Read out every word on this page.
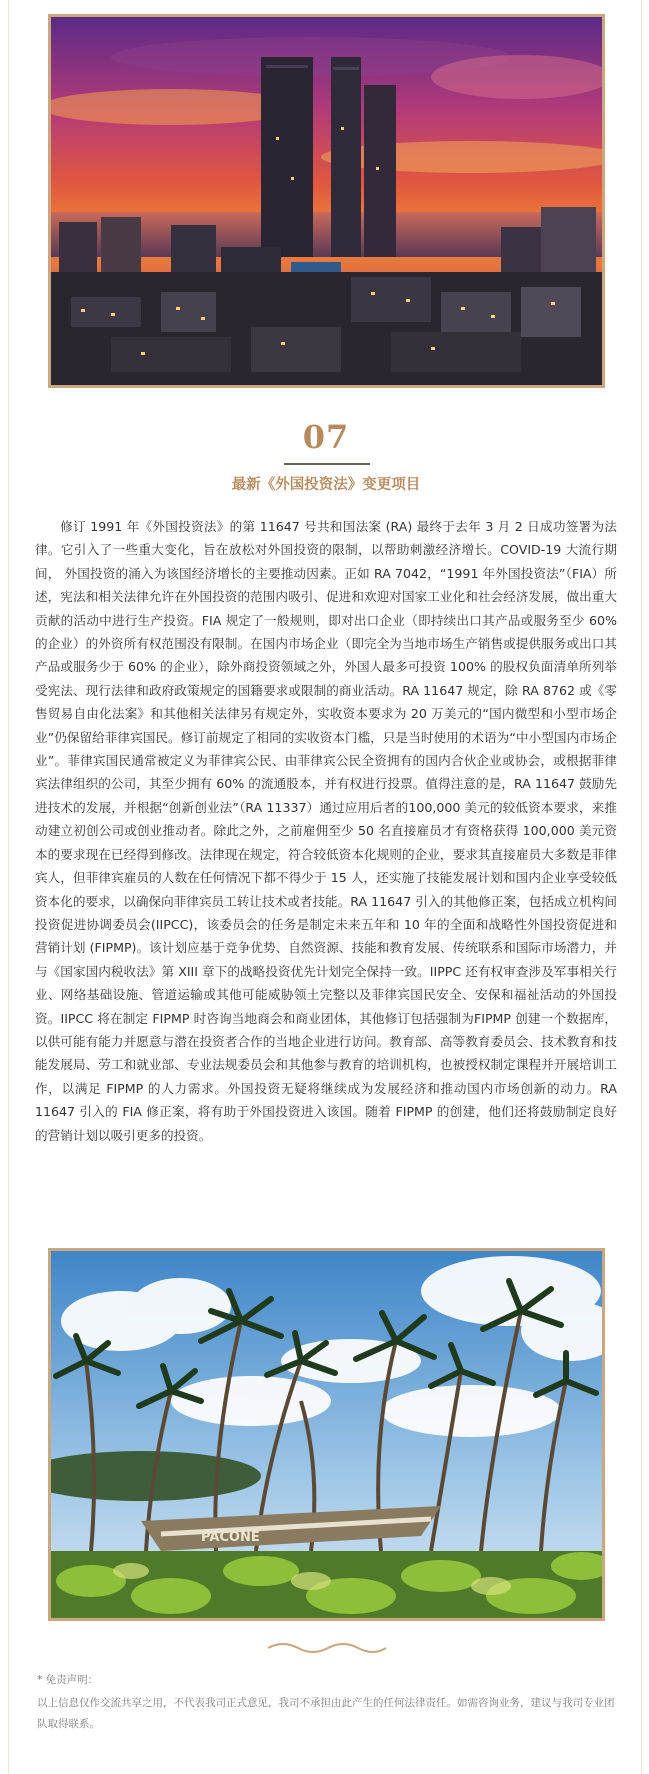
07
最新《外国投资法》变更项目

修订 1991 年《外国投资法》的第 11647 号共和国法案 (RA) 最终于去年 3 月 2 日成功签署为法律。它引入了一些重大变化，旨在放松对外国投资的限制，以帮助刺激经济增长。COVID-19 大流行期间， 外国投资的涌入为该国经济增长的主要推动因素。正如 RA 7042，“1991 年外国投资法”（FIA）所述，宪法和相关法律允许在外国投资的范围内吸引、促进和欢迎对国家工业化和社会经济发展，做出重大贡献的活动中进行生产投资。FIA 规定了一般规则，即对出口企业（即持续出口其产品或服务至少 60% 的企业）的外资所有权范围没有限制。在国内市场企业（即完全为当地市场生产销售或提供服务或出口其产品或服务少于 60% 的企业），除外商投资领域之外，外国人最多可投资 100% 的股权负面清单所列举受宪法、现行法律和政府政策规定的国籍要求或限制的商业活动。RA 11647 规定，除 RA 8762 或《零售贸易自由化法案》和其他相关法律另有规定外，实收资本要求为 20 万美元的“国内微型和小型市场企业”仍保留给菲律宾国民。修订前规定了相同的实收资本门槛，只是当时使用的术语为“中小型国内市场企业”。菲律宾国民通常被定义为菲律宾公民、由菲律宾公民全资拥有的国内合伙企业或协会，或根据菲律宾法律组织的公司，其至少拥有 60% 的流通股本，并有权进行投票。值得注意的是，RA 11647 鼓励先进技术的发展，并根据“创新创业法”（RA 11337）通过应用后者的100,000 美元的较低资本要求，来推动建立初创公司或创业推动者。除此之外，之前雇佣至少 50 名直接雇员才有资格获得 100,000 美元资本的要求现在已经得到修改。法律现在规定，符合较低资本化规则的企业，要求其直接雇员大多数是菲律宾人，但菲律宾雇员的人数在任何情况下都不得少于 15 人，还实施了技能发展计划和国内企业享受较低资本化的要求，以确保向菲律宾员工转让技术或者技能。RA 11647 引入的其他修正案，包括成立机构间投资促进协调委员会(IIPCC)，该委员会的任务是制定未来五年和 10 年的全面和战略性外国投资促进和营销计划 (FIPMP)。该计划应基于竞争优势、自然资源、技能和教育发展、传统联系和国际市场潜力，并与《国家国内税收法》第 XIII 章下的战略投资优先计划完全保持一致。IIPPC 还有权审查涉及军事相关行业、网络基础设施、管道运输或其他可能威胁领土完整以及菲律宾国民安全、安保和福祉活动的外国投资。IIPCC 将在制定 FIPMP 时咨询当地商会和商业团体，其他修订包括强制为FIPMP 创建一个数据库，以供可能有能力并愿意与潜在投资者合作的当地企业进行访问。教育部、高等教育委员会、技术教育和技能发展局、劳工和就业部、专业法规委员会和其他参与教育的培训机构，也被授权制定课程并开展培训工作，以满足 FIPMP 的人力需求。外国投资无疑将继续成为发展经济和推动国内市场创新的动力。RA 11647 引入的 FIA 修正案，将有助于外国投资进入该国。随着 FIPMP 的创建，他们还将鼓励制定良好的营销计划以吸引更多的投资。

PACONE
* 免责声明：

以上信息仅作交流共享之用，不代表我司正式意见，我司不承担由此产生的任何法律责任。如需咨询业务，建议与我司专业团队取得联系。
